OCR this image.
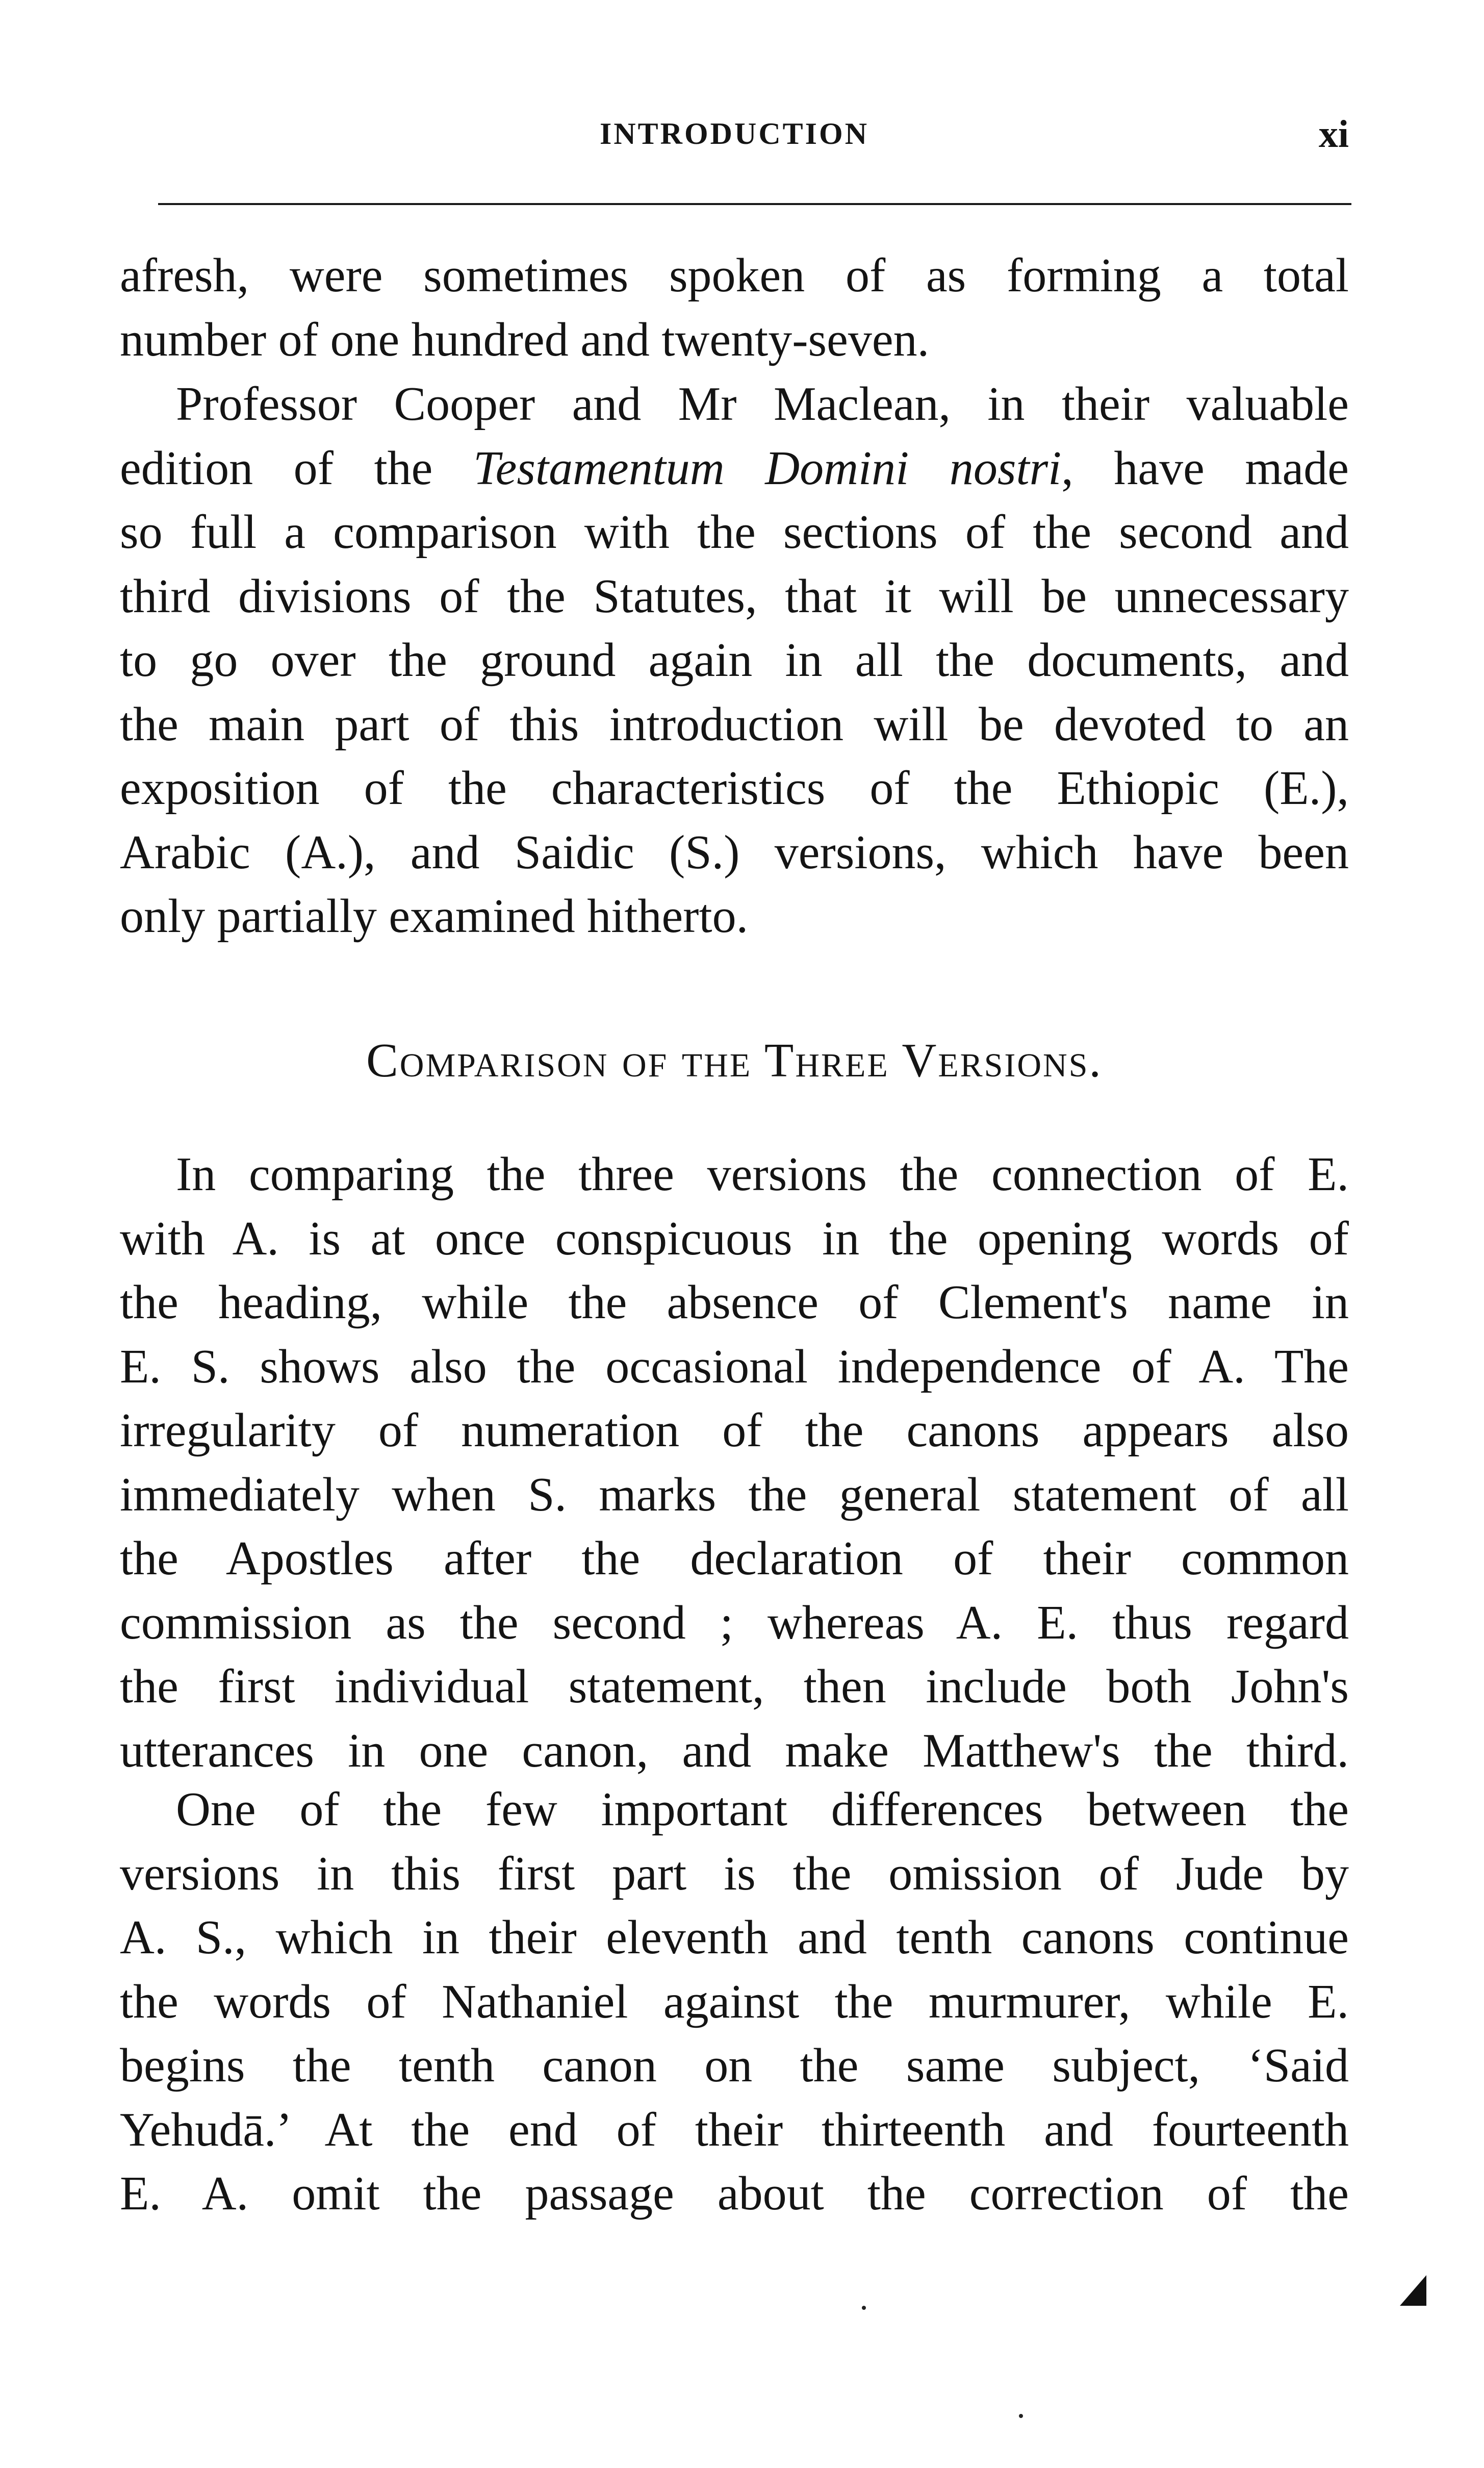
INTRODUCTION	xi

afresh, were sometimes spoken of as forming a total

number of one hundred and twenty-seven.

Professor Cooper and Mr Maclean, in their valuable

edition of the Testamentum Domini nostri, have made

so full a comparison with the sections of the second and

third divisions of the Statutes, that it will be unnecessary

to go over the ground again in all the documents, and

the main part of this introduction will be devoted to an

exposition of the characteristics of the Ethiopic (E.),

Arabic (A.), and Saidic (S.) versions, which have been

only partially examined hitherto.

Comparison of the Three Versions.

In comparing the three versions the connection of E.

with A. is at once conspicuous in the opening words of

the heading, while the absence of Clement's name in

E. S. shows also the occasional independence of A. The

irregularity of numeration of the canons appears also

immediately when S. marks the general statement of all

the Apostles after the declaration of their common

commission as the second ; whereas A. E. thus regard

the first individual statement, then include both John's

utterances in one canon, and make Matthew's the third.

One of the few important differences between the

versions in this first part is the omission of Jude by

A. S., which in their eleventh and tenth canons continue

the words of Nathaniel against the murmurer, while E.

begins the tenth canon on the same subject, ‘Said

Yehudā.’ At the end of their thirteenth and fourteenth

E. A. omit the passage about the correction of the
